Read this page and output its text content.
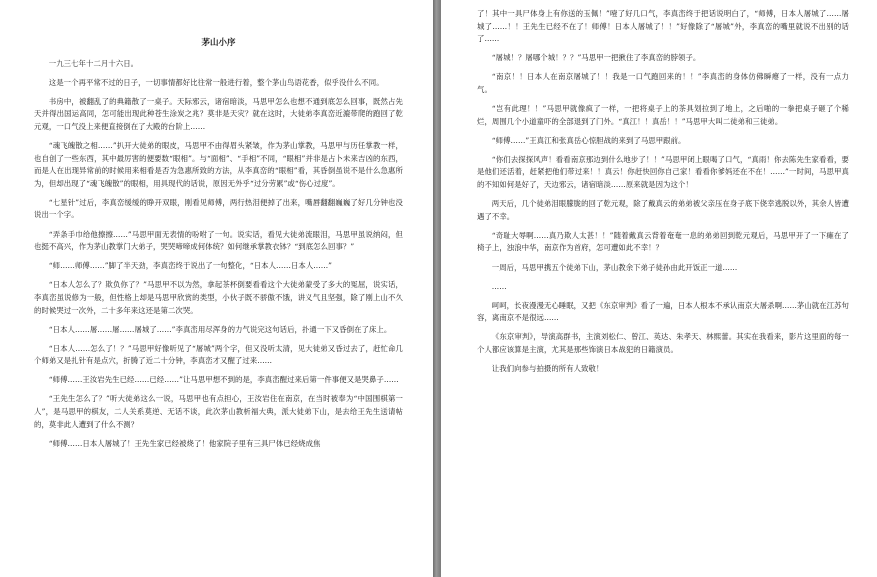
茅山小序

一九三七年十二月十六日。

这是一个再平常不过的日子，一切事情都好比往常一般进行着，整个茅山鸟语花香，似乎没什么不同。

书房中，被翻乱了的典籍散了一桌子。天际邪云，诸宿暗淡，马思甲怎么也想不通到底怎么回事，既然占先天并得出国运高同，怎可能出现此种苍生涂炭之兆？莫非是天灾？就在这时，大徒弟李真峦近漉带爬的跑回了乾元观，一口气没上来便直接倒在了大殿的台阶上……

“魂飞魄散之相……”扒开大徒弟的眼皮，马思甲不由得眉头紧皱，作为茅山掌教，马思甲与历任掌教一样，也自创了一些东西，其中最厉害的便要数“眼相”。与“面相”、“手相”不同，“眼相”并非是占卜未来吉凶的东西，而是人在出现异常前的时候用来相看是否为急惠所致的方法，从李真峦的“眼相”看，其昏倒虽说不是什么急惠所为，但却出现了“魂飞魄散”的眼相，用具现代的话说，原因无外乎“过分劳累”或“伤心过度”。

“七星针”过后，李真峦缓缓的睁开双眼，刚看见师傅，两行热泪便掉了出来，嘴唇翻翻巍巍了好几分钟也没说出一个字。

“弄条手巾给他擦擦……”马思甲面无表情的吩咐了一句。说实话，看见大徒弟流眼泪，马思甲虽说纳闷，但也挺不高兴，作为茅山教掌门大弟子，哭哭啼啼成何体统？如何继承掌教衣钵？“到底怎么回事？”

“师……师傅……”脚了半天劲，李真峦终于说出了一句整化，“日本人……日本人……”

“日本人怎么了？欺负你了？”马思甲不以为然，拿起茶杯倒要看看这个大徒弟蒙受了多大的冤屈，说实话，李真峦虽说修为一般，但性格上却是马思甲欣赏的类型，小伙子既不骄傲不饿，讲义气且坚强，除了刚上山不久的时候哭过一次外，二十多年来这还是第二次哭。

“日本人……屠……屠……屠城了……”李真峦用尽浑身的力气说完这句话后，扑通一下又昏倒在了床上。

“日本人……怎么了！？”马思甲好像听见了“屠城”两个字，但又没听太清，见大徒弟又昏过去了，赶忙命几个师弟又是扎针有是点穴，折腾了近二十分钟，李真峦才又醒了过来……

“师傅……王汝岩先生已经……已经……”让马思甲想不到的是，李真峦醒过来后第一件事便又是哭鼻子……

“王先生怎么了？”听大徒弟这么一说，马思甲也有点担心，王汝岩住在南京，在当时被奉为“中国围棋第一人”，是马思甲的棋友，二人关系莫逆、无话不谈，此次茅山教析福大典，派大徒弟下山，是去给王先生送请帖的，莫非此人遭到了什么不测？

“师傅……日本人屠城了！王先生家已经被烧了！他家院子里有三具尸体已经烧成焦

了！其中一具尸体身上有你送的玉佩！”噎了好几口气，李真峦终于把话说明白了，“师傅，日本人屠城了……屠城了……！！王先生已经不在了！师傅！日本人屠城了！！”好像除了“屠城”外，李真峦的嘴里就说不出别的话了……

“屠城！？屠哪个城！？？”马思甲一把揪住了李真峦的脖领子。

“南京！！日本人在南京屠城了！！我是一口气跑回来的！！”李真峦的身体仿佛瞬瘪了一样，没有一点力气。

“岂有此理！！”马思甲就像疯了一样，一把将桌子上的茶具划拉到了地上，之后啪的一拳把桌子砸了个稀烂，周围几个小道童吓的全部退到了门外。“真江！！真岳！！”马思甲大叫二徒弟和三徒弟。

“师傅……”王真江和张真岳心惊胆战的来到了马思甲跟前。

“你们去探探风声！看看南京那边到什么地步了！！”马思甲闭上眼喝了口气，“真雨！你去陈先生家看看，要是他们还活着，赶紧把他们带过来！！真云！你赶快回你自己家！看看你爹妈还在不在！……”一时间，马思甲真的不知如何是好了，天边邪云，诸宿暗淡……原来就是因为这个！

两天后，几个徒弟泪眼朦胧的回了乾元观，除了戴真云的弟弟被父亲压在身子底下侥幸逃脱以外，其余人皆遭遇了不幸。

“奇耻大辱啊……真乃欺人太甚！！”随着戴真云背着奄奄一息的弟弟回到乾元观后，马思甲开了一下瘫在了椅子上，浊浪中华，南京作为首府，怎可遭如此不幸！？

一周后，马思甲携五个徒弟下山，茅山教余下弟子徒孙由此开饭正一道……

……

呵呵，长夜漫漫无心睡眠，又把《东京审判》看了一遍，日本人根本不承认南京大屠杀啊……茅山就在江苏句容，离南京不是很远……

《东京审判》，导演高群书，主演刘松仁、曾江、英达、朱孝天、林熙蕾。其实在我看来，影片这里面的每一个人都应该算是主演，尤其是那些饰演日本战犯的日籍演员。

让我们向参与拍摄的所有人致敬！
